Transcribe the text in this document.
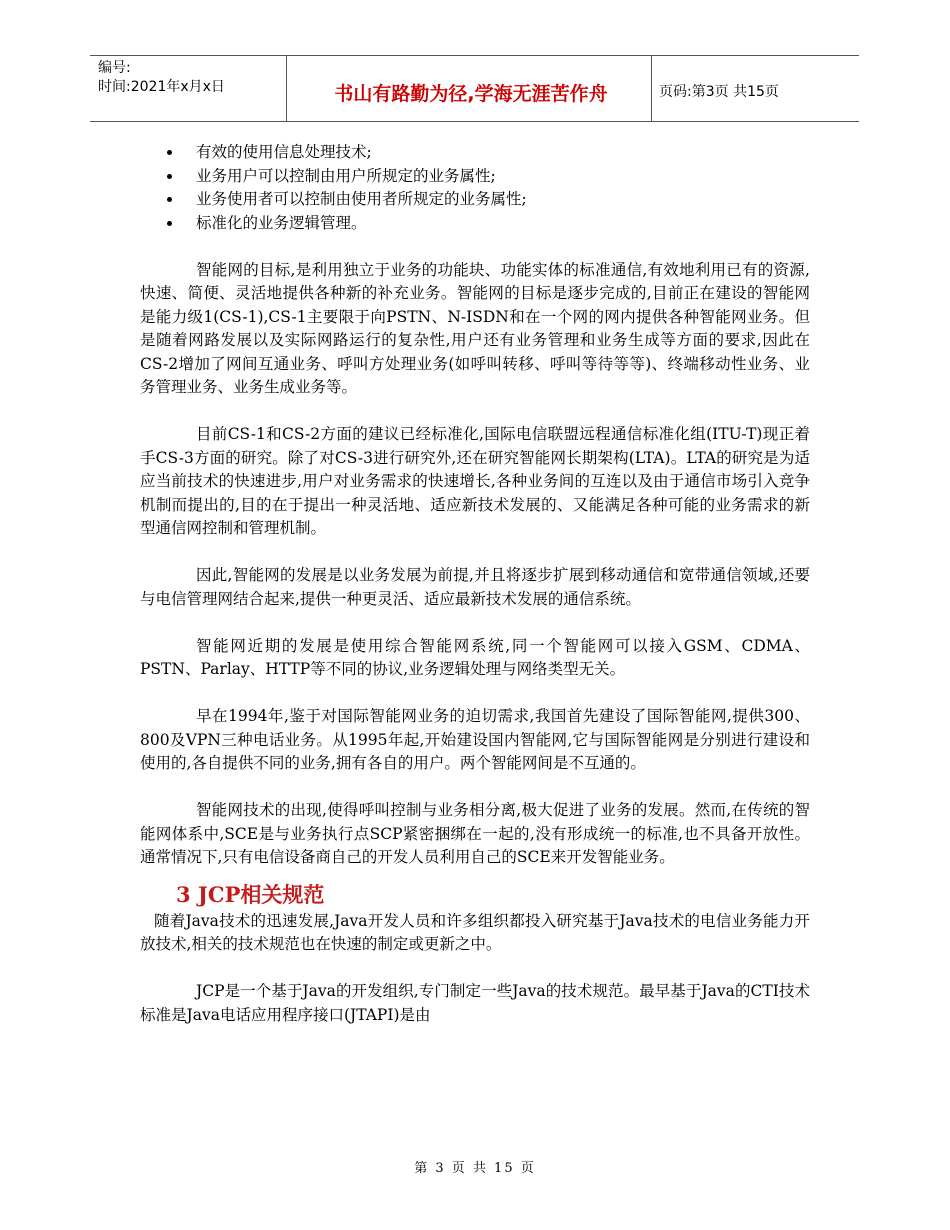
编号:
时间:2021年x月x日	书山有路勤为径,学海无涯苦作舟	页码:第3页 共15页
有效的使用信息处理技术;
业务用户可以控制由用户所规定的业务属性;
业务使用者可以控制由使用者所规定的业务属性;
标准化的业务逻辑管理。

智能网的目标,是利用独立于业务的功能块、功能实体的标准通信,有效地利用已有的资源,快速、简便、灵活地提供各种新的补充业务。智能网的目标是逐步完成的,目前正在建设的智能网是能力级1(CS-1),CS-1主要限于向PSTN、N-ISDN和在一个网的网内提供各种智能网业务。但是随着网路发展以及实际网路运行的复杂性,用户还有业务管理和业务生成等方面的要求,因此在CS-2增加了网间互通业务、呼叫方处理业务(如呼叫转移、呼叫等待等等)、终端移动性业务、业务管理业务、业务生成业务等。

目前CS-1和CS-2方面的建议已经标准化,国际电信联盟远程通信标准化组(ITU-T)现正着手CS-3方面的研究。除了对CS-3进行研究外,还在研究智能网长期架构(LTA)。LTA的研究是为适应当前技术的快速进步,用户对业务需求的快速增长,各种业务间的互连以及由于通信市场引入竞争机制而提出的,目的在于提出一种灵活地、适应新技术发展的、又能满足各种可能的业务需求的新型通信网控制和管理机制。

因此,智能网的发展是以业务发展为前提,并且将逐步扩展到移动通信和宽带通信领域,还要与电信管理网结合起来,提供一种更灵活、适应最新技术发展的通信系统。

智能网近期的发展是使用综合智能网系统,同一个智能网可以接入GSM、CDMA、PSTN、Parlay、HTTP等不同的协议,业务逻辑处理与网络类型无关。

早在1994年,鉴于对国际智能网业务的迫切需求,我国首先建设了国际智能网,提供300、800及VPN三种电话业务。从1995年起,开始建设国内智能网,它与国际智能网是分别进行建设和使用的,各自提供不同的业务,拥有各自的用户。两个智能网间是不互通的。

智能网技术的出现,使得呼叫控制与业务相分离,极大促进了业务的发展。然而,在传统的智能网体系中,SCE是与业务执行点SCP紧密捆绑在一起的,没有形成统一的标准,也不具备开放性。通常情况下,只有电信设备商自己的开发人员利用自己的SCE来开发智能业务。

3 JCP相关规范

随着Java技术的迅速发展,Java开发人员和许多组织都投入研究基于Java技术的电信业务能力开放技术,相关的技术规范也在快速的制定或更新之中。

JCP是一个基于Java的开发组织,专门制定一些Java的技术规范。最早基于Java的CTI技术标准是Java电话应用程序接口(JTAPI)是由

第 3 页 共 15 页
